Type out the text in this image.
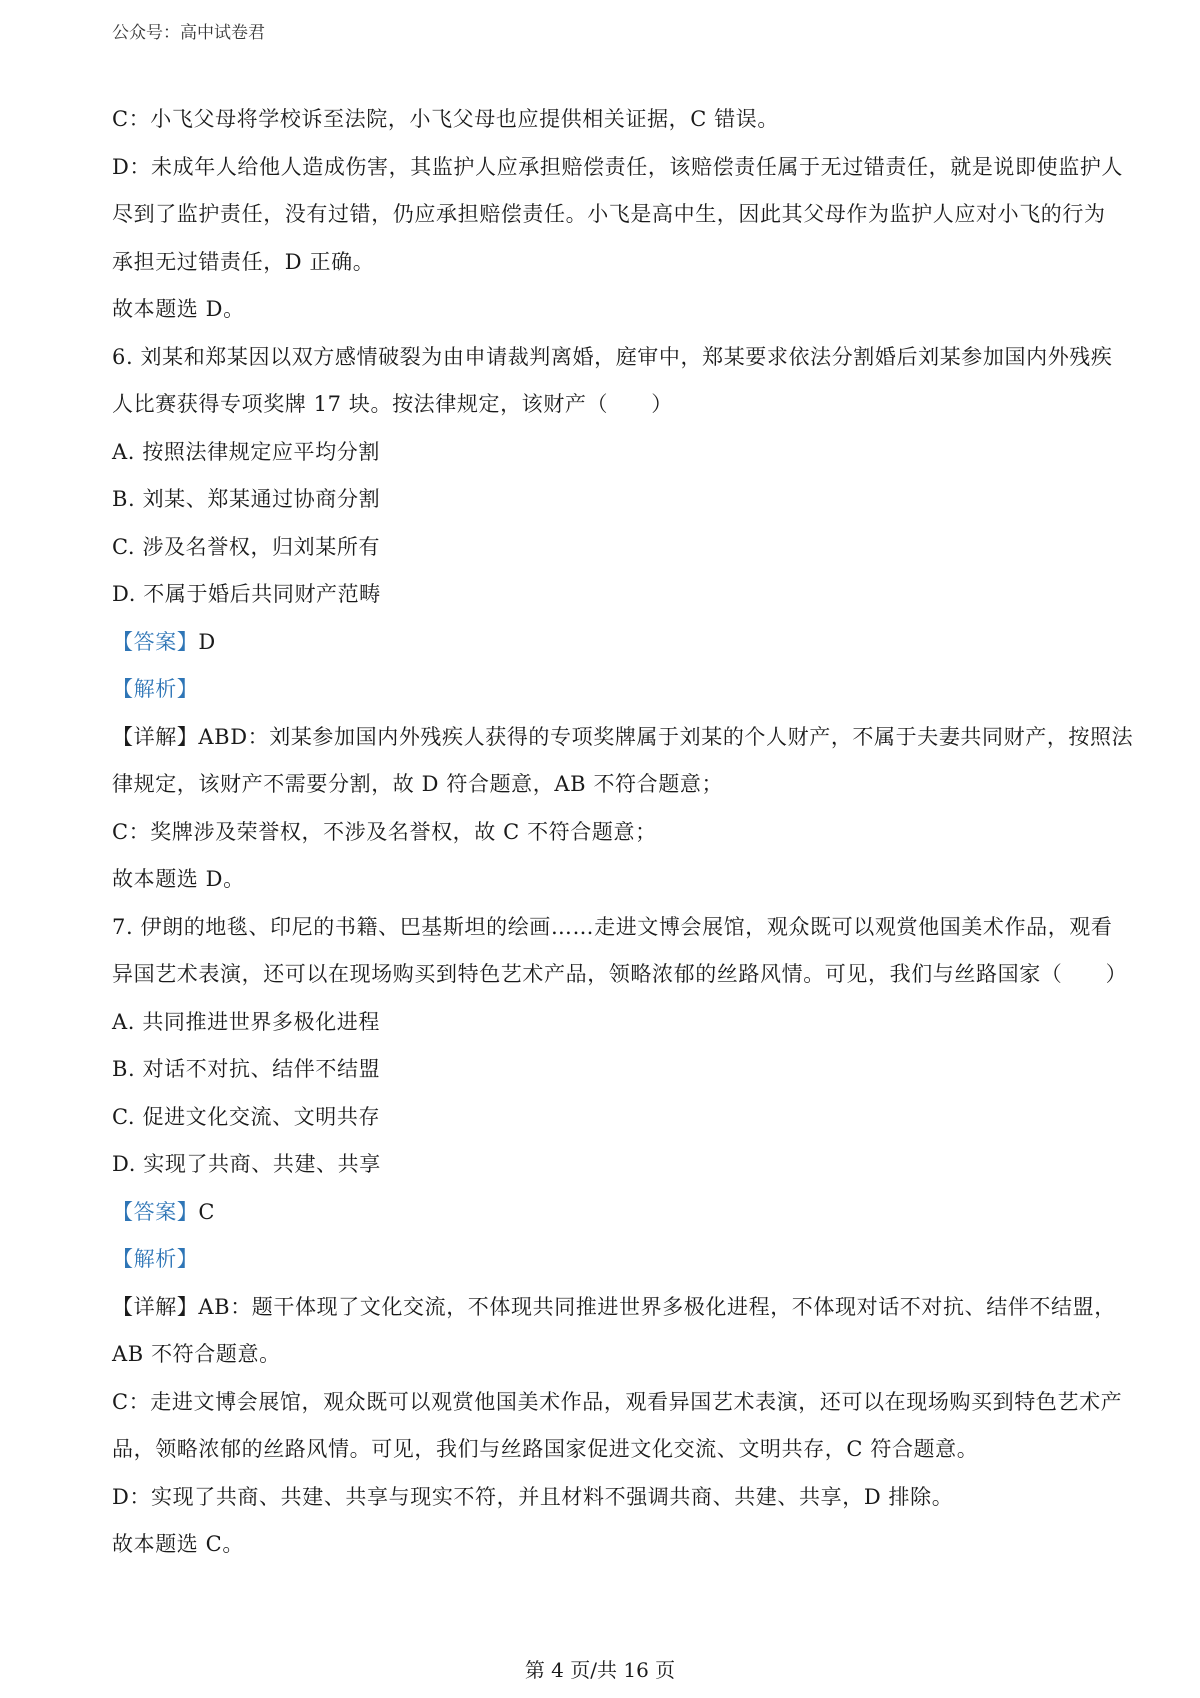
公众号：高中试卷君
C：小飞父母将学校诉至法院，小飞父母也应提供相关证据，C 错误。
D：未成年人给他人造成伤害，其监护人应承担赔偿责任，该赔偿责任属于无过错责任，就是说即使监护人
尽到了监护责任，没有过错，仍应承担赔偿责任。小飞是高中生，因此其父母作为监护人应对小飞的行为
承担无过错责任，D 正确。
故本题选 D。
6. 刘某和郑某因以双方感情破裂为由申请裁判离婚，庭审中，郑某要求依法分割婚后刘某参加国内外残疾
人比赛获得专项奖牌 17 块。按法律规定，该财产（　　）
A. 按照法律规定应平均分割
B. 刘某、郑某通过协商分割
C. 涉及名誉权，归刘某所有
D. 不属于婚后共同财产范畴
【答案】D
【解析】
【详解】ABD：刘某参加国内外残疾人获得的专项奖牌属于刘某的个人财产，不属于夫妻共同财产，按照法
律规定，该财产不需要分割，故 D 符合题意，AB 不符合题意；
C：奖牌涉及荣誉权，不涉及名誉权，故 C 不符合题意；
故本题选 D。
7. 伊朗的地毯、印尼的书籍、巴基斯坦的绘画……走进文博会展馆，观众既可以观赏他国美术作品，观看
异国艺术表演，还可以在现场购买到特色艺术产品，领略浓郁的丝路风情。可见，我们与丝路国家（　　）
A. 共同推进世界多极化进程
B. 对话不对抗、结伴不结盟
C. 促进文化交流、文明共存
D. 实现了共商、共建、共享
【答案】C
【解析】
【详解】AB：题干体现了文化交流，不体现共同推进世界多极化进程，不体现对话不对抗、结伴不结盟，
AB 不符合题意。
C：走进文博会展馆，观众既可以观赏他国美术作品，观看异国艺术表演，还可以在现场购买到特色艺术产
品，领略浓郁的丝路风情。可见，我们与丝路国家促进文化交流、文明共存，C 符合题意。
D：实现了共商、共建、共享与现实不符，并且材料不强调共商、共建、共享，D 排除。
故本题选 C。
第 4 页/共 16 页
